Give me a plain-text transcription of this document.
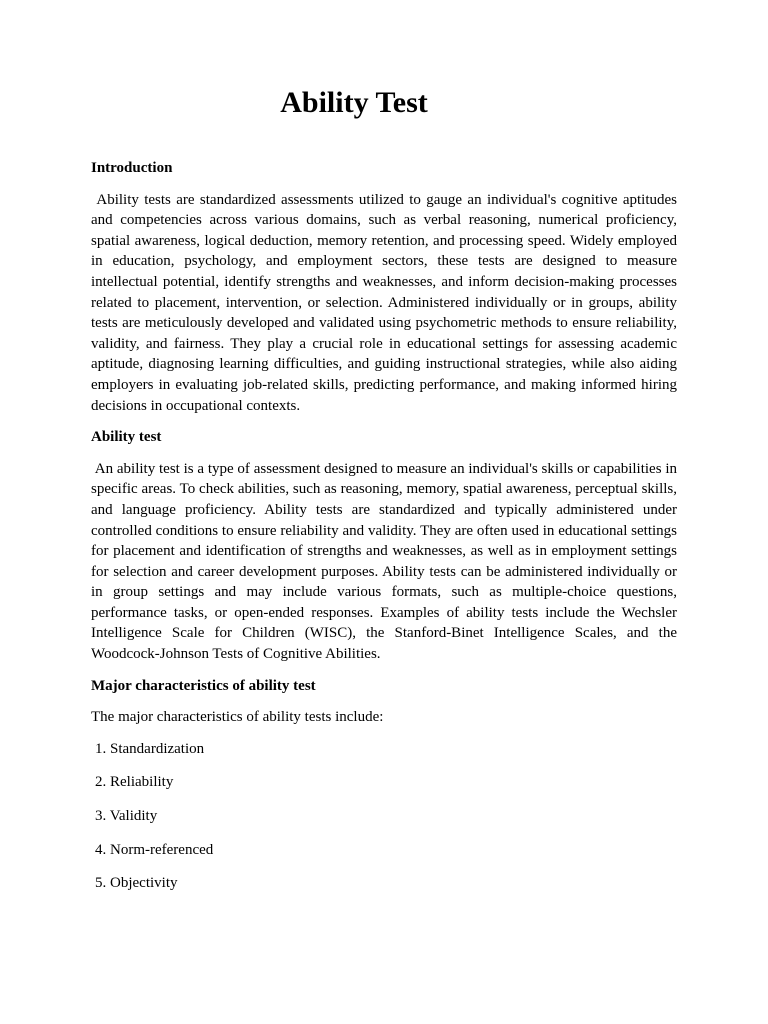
Ability Test
Introduction

Ability tests are standardized assessments utilized to gauge an individual's cognitive aptitudes and competencies across various domains, such as verbal reasoning, numerical proficiency, spatial awareness, logical deduction, memory retention, and processing speed. Widely employed in education, psychology, and employment sectors, these tests are designed to measure intellectual potential, identify strengths and weaknesses, and inform decision-making processes related to placement, intervention, or selection. Administered individually or in groups, ability tests are meticulously developed and validated using psychometric methods to ensure reliability, validity, and fairness. They play a crucial role in educational settings for assessing academic aptitude, diagnosing learning difficulties, and guiding instructional strategies, while also aiding employers in evaluating job-related skills, predicting performance, and making informed hiring decisions in occupational contexts.

Ability test

An ability test is a type of assessment designed to measure an individual's skills or capabilities in specific areas. To check abilities, such as reasoning, memory, spatial awareness, perceptual skills, and language proficiency. Ability tests are standardized and typically administered under controlled conditions to ensure reliability and validity. They are often used in educational settings for placement and identification of strengths and weaknesses, as well as in employment settings for selection and career development purposes. Ability tests can be administered individually or in group settings and may include various formats, such as multiple-choice questions, performance tasks, or open-ended responses. Examples of ability tests include the Wechsler Intelligence Scale for Children (WISC), the Stanford-Binet Intelligence Scales, and the Woodcock-Johnson Tests of Cognitive Abilities.

Major characteristics of ability test

The major characteristics of ability tests include:

1. Standardization
2. Reliability
3. Validity
4. Norm-referenced
5. Objectivity
